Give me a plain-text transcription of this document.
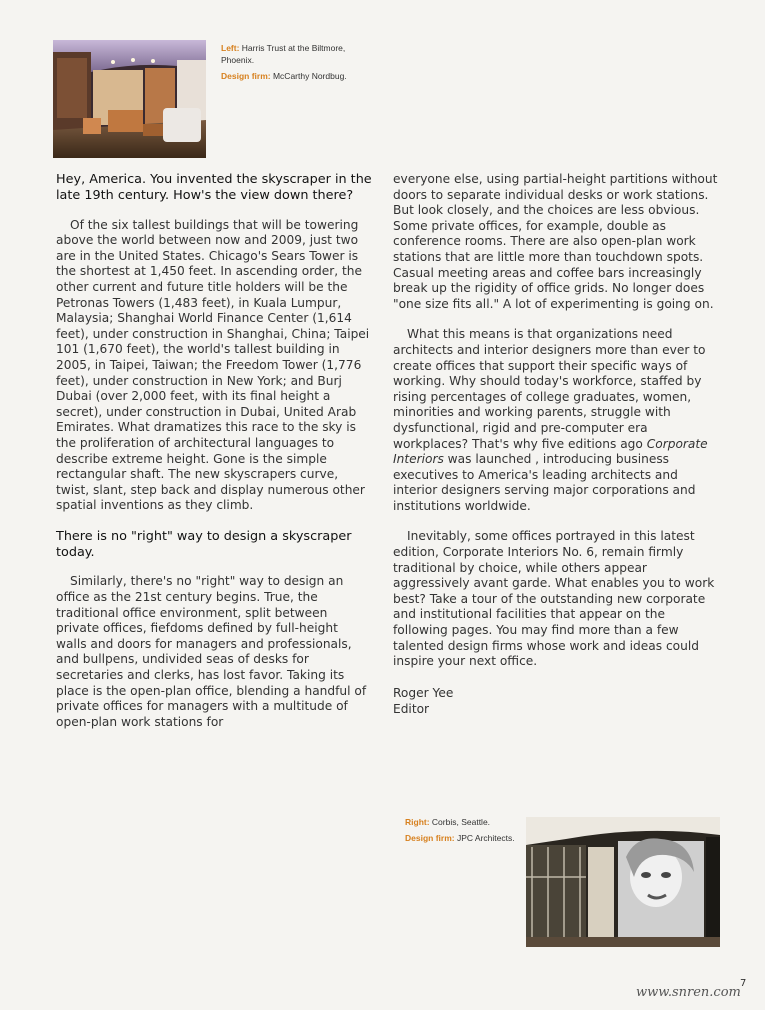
Left: Harris Trust at the Biltmore,
Phoenix.
Design firm: McCarthy Nordbug.

Hey, America. You invented the skyscraper in the late 19th century. How's the view down there?

Of the six tallest buildings that will be towering above the world between now and 2009, just two are in the United States. Chicago's Sears Tower is the shortest at 1,450 feet. In ascending order, the other current and future title holders will be the Petronas Towers (1,483 feet), in Kuala Lumpur, Malaysia; Shanghai World Finance Center (1,614 feet), under construction in Shanghai, China; Taipei 101 (1,670 feet), the world's tallest building in 2005, in Taipei, Taiwan; the Freedom Tower (1,776 feet), under construction in New York; and Burj Dubai (over 2,000 feet, with its final height a secret), under construction in Dubai, United Arab Emirates. What dramatizes this race to the sky is the proliferation of architectural languages to describe extreme height. Gone is the simple rectangular shaft. The new skyscrapers curve, twist, slant, step back and display numerous other spatial inventions as they climb.

There is no "right" way to design a skyscraper today.

Similarly, there's no "right" way to design an office as the 21st century begins. True, the traditional office environment, split between private offices, fiefdoms defined by full-height walls and doors for managers and professionals, and bullpens, undivided seas of desks for secretaries and clerks, has lost favor. Taking its place is the open-plan office, blending a handful of private offices for managers with a multitude of open-plan work stations for

everyone else, using partial-height partitions without doors to separate individual desks or work stations. But look closely, and the choices are less obvious. Some private offices, for example, double as conference rooms. There are also open-plan work stations that are little more than touchdown spots. Casual meeting areas and coffee bars increasingly break up the rigidity of office grids. No longer does "one size fits all." A lot of experimenting is going on.

What this means is that organizations need architects and interior designers more than ever to create offices that support their specific ways of working. Why should today's workforce, staffed by rising percentages of college graduates, women, minorities and working parents, struggle with dysfunctional, rigid and pre-computer era workplaces? That's why five editions ago Corporate Interiors was launched , introducing business executives to America's leading architects and interior designers serving major corporations and institutions worldwide.

Inevitably, some offices portrayed in this latest edition, Corporate Interiors No. 6, remain firmly traditional by choice, while others appear aggressively avant garde. What enables you to work best? Take a tour of the outstanding new corporate and institutional facilities that appear on the following pages. You may find more than a few talented design firms whose work and ideas could inspire your next office.

Roger Yee
Editor

Right: Corbis, Seattle.
Design firm: JPC Architects.
7
www.snren.com
